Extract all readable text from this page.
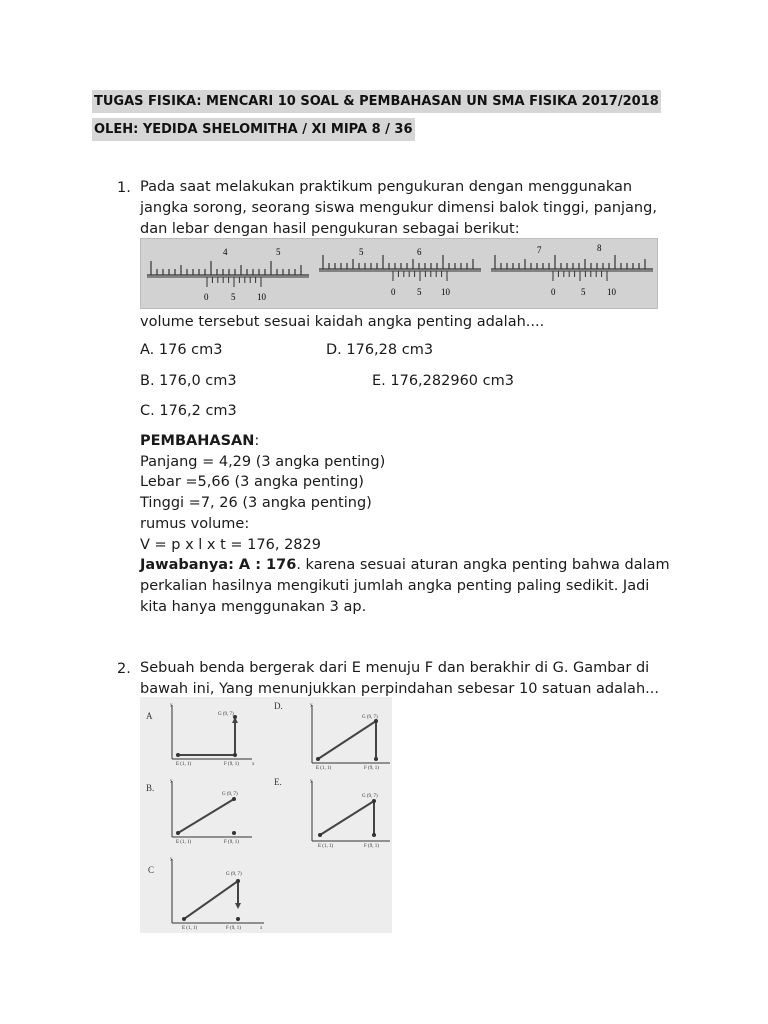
TUGAS FISIKA: MENCARI 10 SOAL & PEMBAHASAN UN SMA FISIKA 2017/2018
OLEH: YEDIDA SHELOMITHA / XI MIPA 8 / 36
1. Pada saat melakukan praktikum pengukuran dengan menggunakan
jangka sorong, seorang siswa mengukur dimensi balok tinggi, panjang,
dan lebar dengan hasil pengukuran sebagai berikut:
4	5
0	5 10
5	6
0 5 10
7	8
0	5 10
volume tersebut sesuai kaidah angka penting adalah....
A. 176 cm3	D. 176,28 cm3
B. 176,0 cm3	E. 176,282960 cm3
C. 176,2 cm3
PEMBAHASAN:
Panjang = 4,29 (3 angka penting)
Lebar =5,66 (3 angka penting)
Tinggi =7, 26 (3 angka penting)
rumus volume:
V = p x l x t = 176, 2829
Jawabanya: A : 176. karena sesuai aturan angka penting bahwa dalam
perkalian hasilnya mengikuti jumlah angka penting paling sedikit. Jadi
kita hanya menggunakan 3 ap.
2. Sebuah benda bergerak dari E menuju F dan berakhir di G. Gambar di
bawah ini, Yang menunjukkan perpindahan sebesar 10 satuan adalah...
A
y
x
G (9, 7)
E (1, 1)	F (9, 1)
D.	y
G (9, 7)
E (1, 1)	F (9, 1)
B.
y
G (9, 7)
E (1, 1)	F (9, 1)
E.	y
G (9, 7)
E (1, 1)	F (9, 1)
C
y
x
G (9, 7)
E (1, 1)	F (9, 1)
